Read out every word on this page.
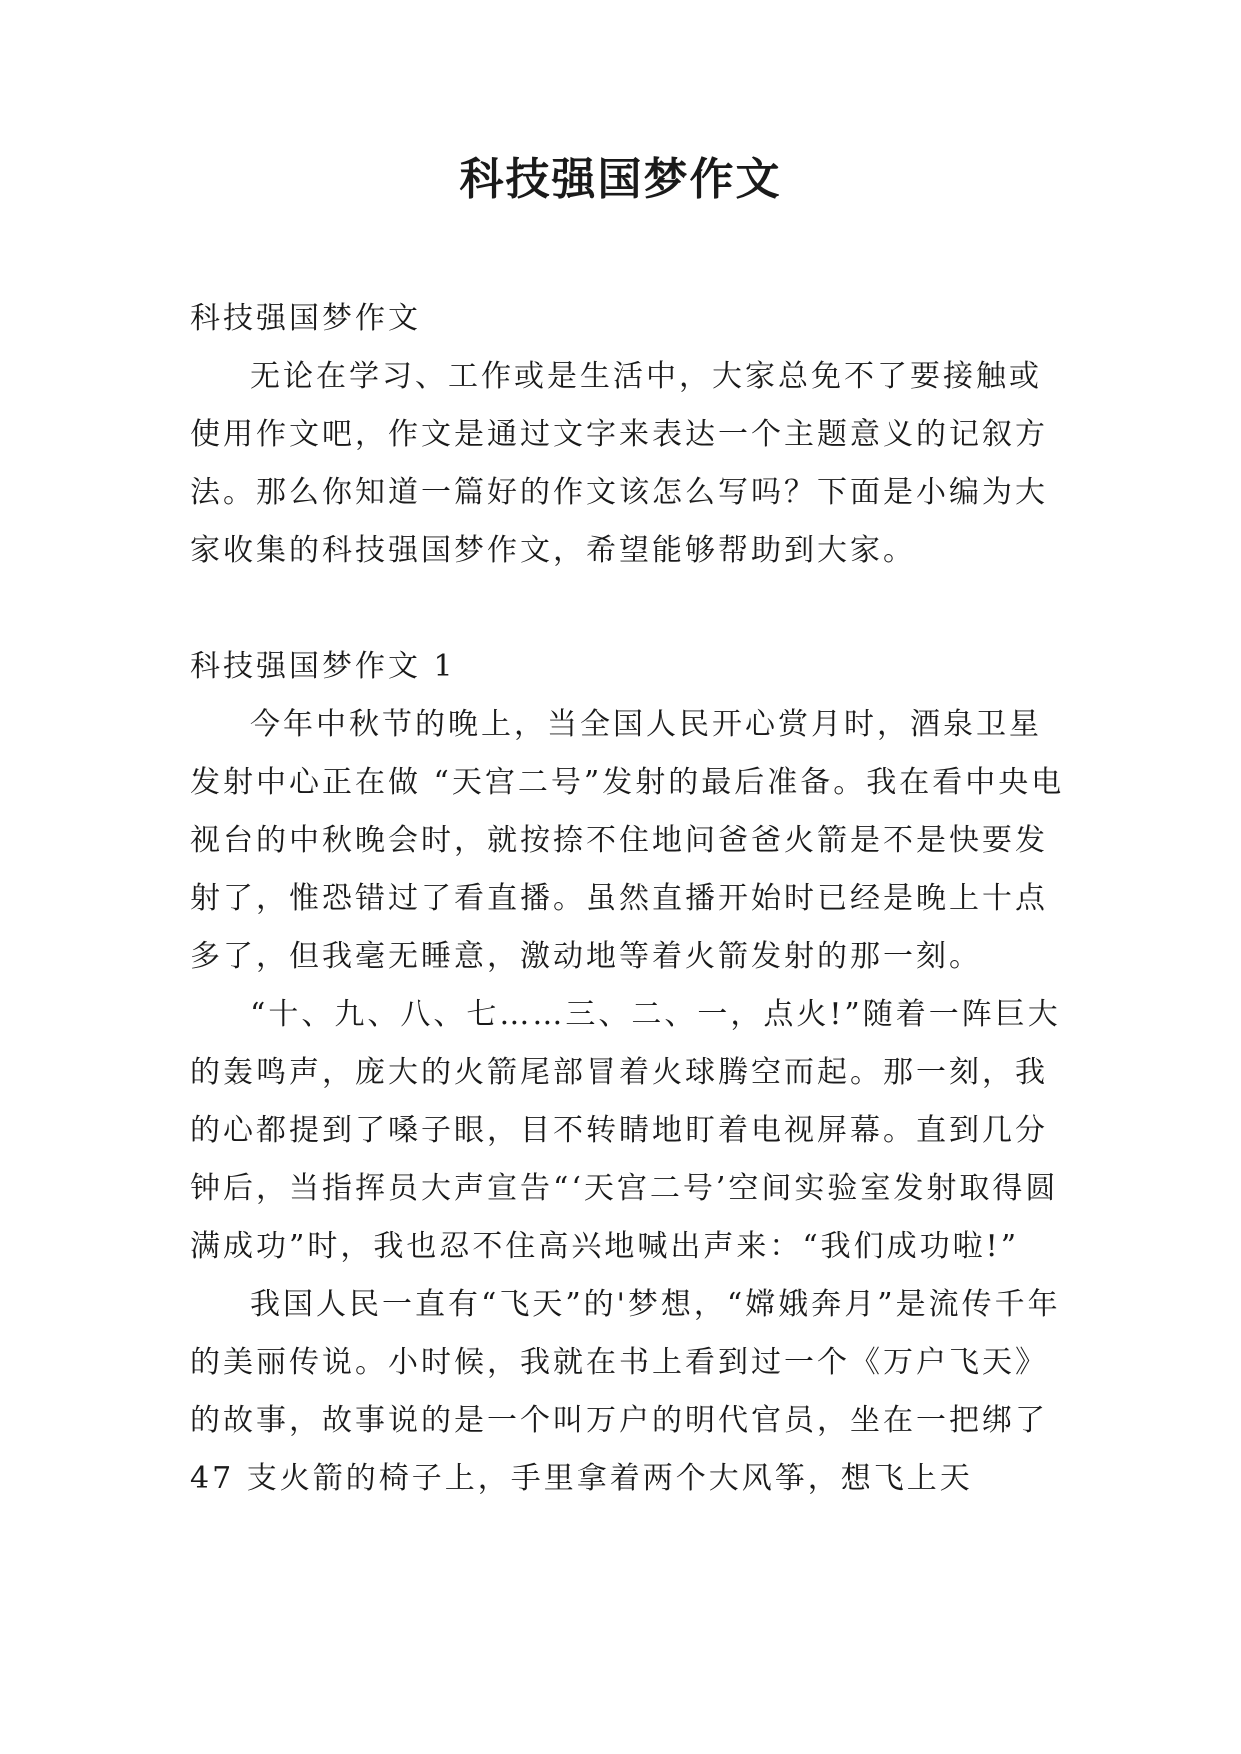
科技强国梦作文

科技强国梦作文

无论在学习、工作或是生活中，大家总免不了要接触或使用作文吧，作文是通过文字来表达一个主题意义的记叙方法。那么你知道一篇好的作文该怎么写吗？下面是小编为大家收集的科技强国梦作文，希望能够帮助到大家。

科技强国梦作文 1

今年中秋节的晚上，当全国人民开心赏月时，酒泉卫星发射中心正在做 “天宫二号”发射的最后准备。我在看中央电视台的中秋晚会时，就按捺不住地问爸爸火箭是不是快要发射了，惟恐错过了看直播。虽然直播开始时已经是晚上十点多了，但我毫无睡意，激动地等着火箭发射的那一刻。

“十、九、八、七……三、二、一，点火!”随着一阵巨大的轰鸣声，庞大的火箭尾部冒着火球腾空而起。那一刻，我的心都提到了嗓子眼，目不转睛地盯着电视屏幕。直到几分钟后，当指挥员大声宣告“‘天宫二号’空间实验室发射取得圆满成功”时，我也忍不住高兴地喊出声来：“我们成功啦!”

我国人民一直有“飞天”的'梦想，“嫦娥奔月”是流传千年的美丽传说。小时候，我就在书上看到过一个《万户飞天》的故事，故事说的是一个叫万户的明代官员，坐在一把绑了 47 支火箭的椅子上，手里拿着两个大风筝，想飞上天
